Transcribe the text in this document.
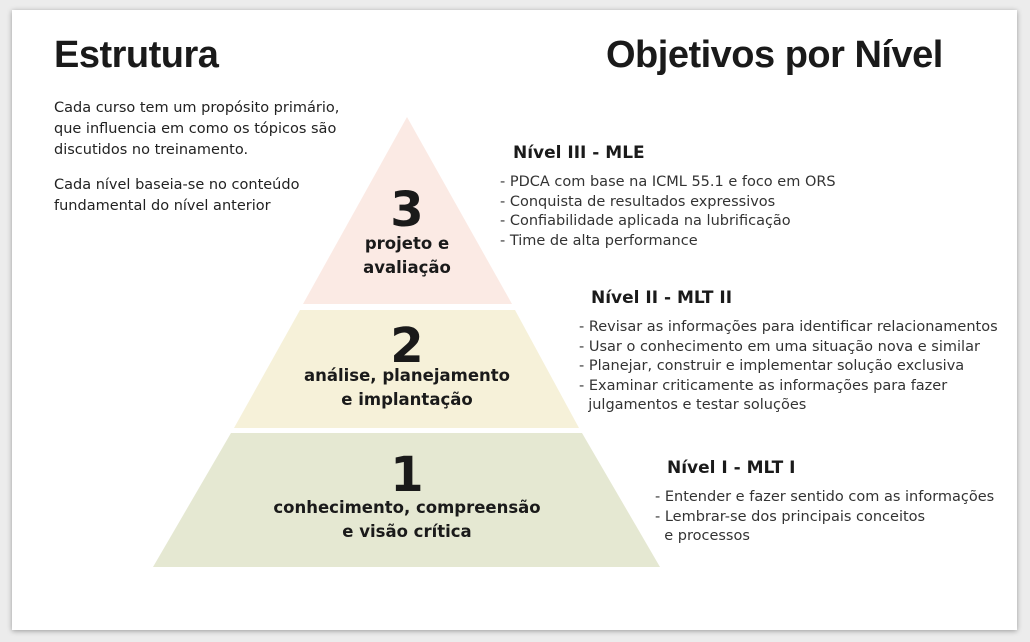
Estrutura	Objetivos por Nível
Cada curso tem um propósito primário,
que influencia em como os tópicos são
discutidos no treinamento.
Cada nível baseia-se no conteúdo
fundamental do nível anterior	3
projeto e
avaliação
2
análise, planejamento
e implantação
1
conhecimento, compreensão
e visão crítica
Nível III - MLE
- PDCA com base na ICML 55.1 e foco em ORS
- Conquista de resultados expressivos
- Confiabilidade aplicada na lubrificação
- Time de alta performance
Nível II - MLT II
- Revisar as informações para identificar relacionamentos
- Usar o conhecimento em uma situação nova e similar
- Planejar, construir e implementar solução exclusiva
- Examinar criticamente as informações para fazer
julgamentos e testar soluções
Nível I - MLT I
- Entender e fazer sentido com as informações
- Lembrar-se dos principais conceitos
e processos
